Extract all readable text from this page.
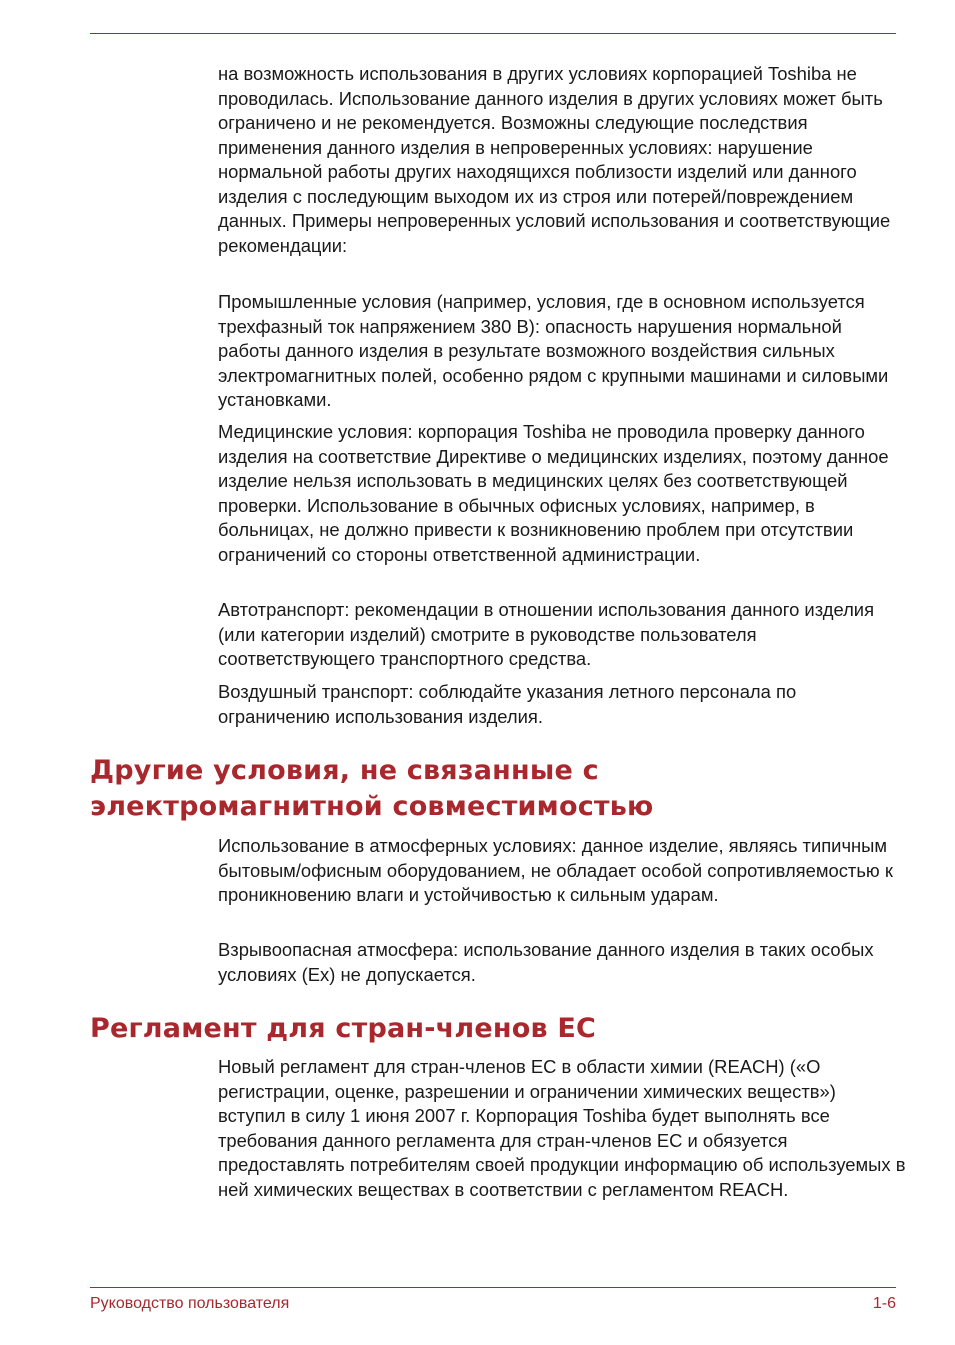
на возможность использования в других условиях корпорацией Toshiba не проводилась. Использование данного изделия в других условиях может быть ограничено и не рекомендуется. Возможны следующие последствия применения данного изделия в непроверенных условиях: нарушение нормальной работы других находящихся поблизости изделий или данного изделия с последующим выходом их из строя или потерей/повреждением данных. Примеры непроверенных условий использования и соответствующие рекомендации:

Промышленные условия (например, условия, где в основном используется трехфазный ток напряжением 380 В): опасность нарушения нормальной работы данного изделия в результате возможного воздействия сильных электромагнитных полей, особенно рядом с крупными машинами и силовыми установками.

Медицинские условия: корпорация Toshiba не проводила проверку данного изделия на соответствие Директиве о медицинских изделиях, поэтому данное изделие нельзя использовать в медицинских целях без соответствующей проверки. Использование в обычных офисных условиях, например, в больницах, не должно привести к возникновению проблем при отсутствии ограничений со стороны ответственной администрации.

Автотранспорт: рекомендации в отношении использования данного изделия (или категории изделий) смотрите в руководстве пользователя соответствующего транспортного средства.

Воздушный транспорт: соблюдайте указания летного персонала по ограничению использования изделия.

Другие условия, не связанные с
электромагнитной совместимостью

Использование в атмосферных условиях: данное изделие, являясь типичным бытовым/офисным оборудованием, не обладает особой сопротивляемостью к проникновению влаги и устойчивостью к сильным ударам.

Взрывоопасная атмосфера: использование данного изделия в таких особых условиях (Ex) не допускается.

Регламент для стран-членов ЕС

Новый регламент для стран-членов ЕС в области химии (REACH) («О регистрации, оценке, разрешении и ограничении химических веществ») вступил в силу 1 июня 2007 г. Корпорация Toshiba будет выполнять все требования данного регламента для стран-членов ЕС и обязуется предоставлять потребителям своей продукции информацию об используемых в ней химических веществах в соответствии с регламентом REACH.

Руководство пользователя	1-6
